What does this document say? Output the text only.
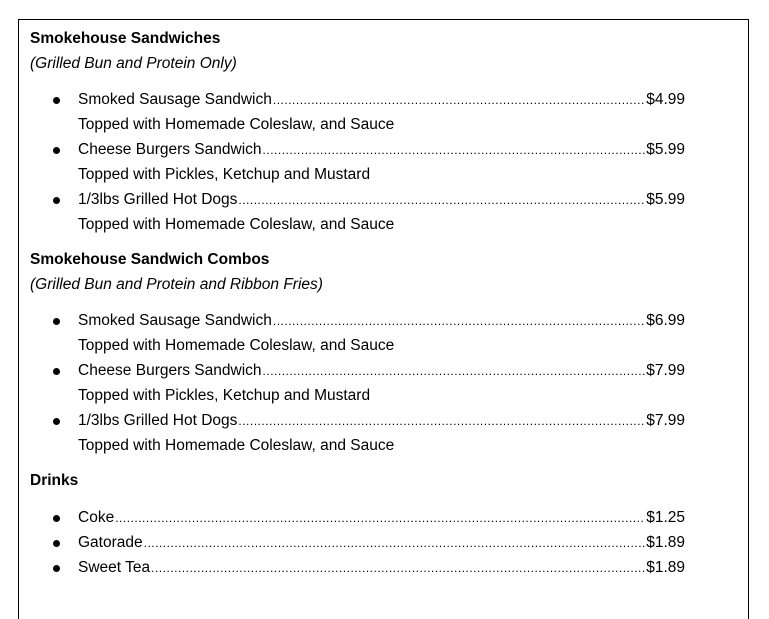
Smokehouse Sandwiches
(Grilled Bun and Protein Only)
Smoked Sausage Sandwich .....	$4.99
Topped with Homemade Coleslaw, and Sauce
Cheese Burgers Sandwich .....	$5.99
Topped with Pickles, Ketchup and Mustard
1/3lbs Grilled Hot Dogs .....	$5.99
Topped with Homemade Coleslaw, and Sauce
Smokehouse Sandwich Combos
(Grilled Bun and Protein and Ribbon Fries)
Smoked Sausage Sandwich .....	$6.99
Topped with Homemade Coleslaw, and Sauce
Cheese Burgers Sandwich .....	$7.99
Topped with Pickles, Ketchup and Mustard
1/3lbs Grilled Hot Dogs .....	$7.99
Topped with Homemade Coleslaw, and Sauce
Drinks
Coke .....	$1.25
Gatorade .....	$1.89
Sweet Tea .....	$1.89
